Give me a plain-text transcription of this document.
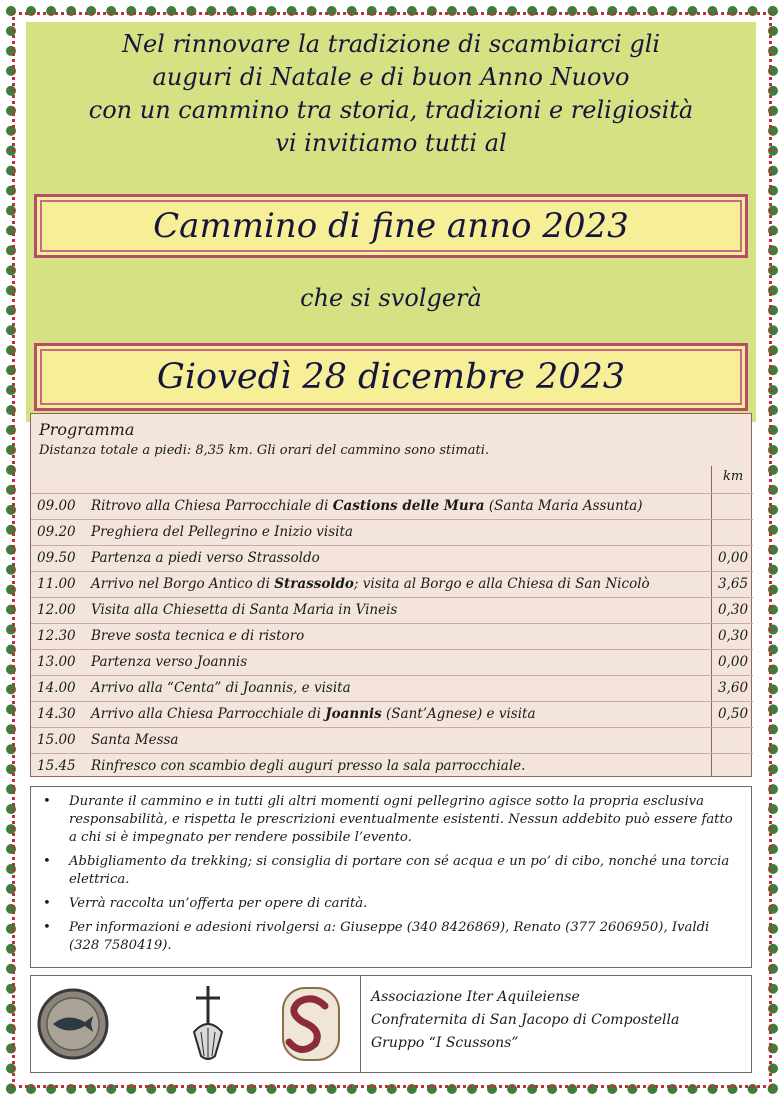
Nel rinnovare la tradizione di scambiarci gli
auguri di Natale e di buon Anno Nuovo
con un cammino tra storia, tradizioni e religiosità
vi invitiamo tutti al
Cammino di fine anno 2023
che si svolgerà
Giovedì 28 dicembre 2023
Programma
Distanza totale a piedi: 8,35 km. Gli orari del cammino sono stimati.
km
09.00 Ritrovo alla Chiesa Parrocchiale di Castions delle Mura (Santa Maria Assunta)
09.20 Preghiera del Pellegrino e Inizio visita
09.50 Partenza a piedi verso Strassoldo	0,00
11.00 Arrivo nel Borgo Antico di Strassoldo; visita al Borgo e alla Chiesa di San Nicolò	3,65
12.00 Visita alla Chiesetta di Santa Maria in Vineis	0,30
12.30 Breve sosta tecnica e di ristoro	0,30
13.00 Partenza verso Joannis	0,00
14.00 Arrivo alla “Centa” di Joannis, e visita	3,60
14.30 Arrivo alla Chiesa Parrocchiale di Joannis (Sant’Agnese) e visita	0,50
15.00 Santa Messa
15.45 Rinfresco con scambio degli auguri presso la sala parrocchiale.
• Durante il cammino e in tutti gli altri momenti ogni pellegrino agisce sotto la propria esclusiva responsabilità, e rispetta le prescrizioni eventualmente esistenti. Nessun addebito può essere fatto a chi si è impegnato per rendere possibile l’evento.
• Abbigliamento da trekking; si consiglia di portare con sé acqua e un po’ di cibo, nonché una torcia elettrica.
• Verrà raccolta un’offerta per opere di carità.
• Per informazioni e adesioni rivolgersi a: Giuseppe (340 8426869), Renato (377 2606950), Ivaldi (328 7580419).
Associazione Iter Aquileiense
Confraternita di San Jacopo di Compostella
Gruppo “I Scussons”
